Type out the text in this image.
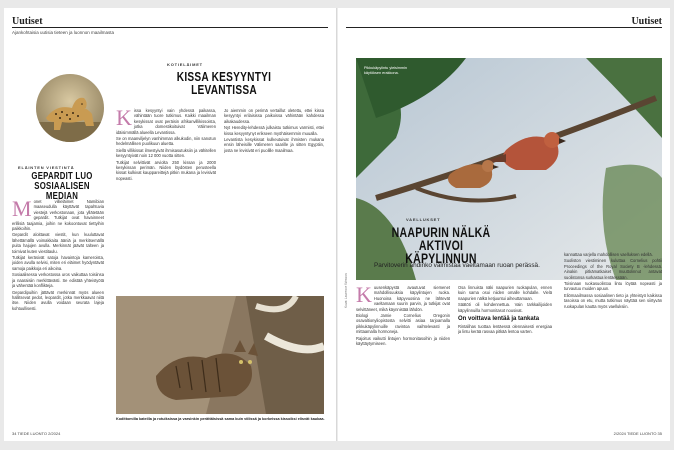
Uutiset
Ajankohtaisia uutisia tieteen ja luonnon maailmasta
ELÄINTEN VIESTINTÄ
GEPARDIT LUO SOSIAALISEN MEDIAN

Monet villieläimet Namibian maaseudulla käyttävät tapahtuvia viestejä verkostonaan, jota yllätetään gepardit. Tutkijat ovat havainneet erillisiä taajamia, joihin ne kokoontuvat tiettyihin paikkoihin.

Gepardit aloittavat viestit, kun kuuluttavat lähettämällä voimakkaita ääniä ja merkitsemällä puita hajujen avulla. Merkinnät jäävät talteen ja toimivat kuten viestitaulu.

Tutkijat keräsivät satoja havaintoja kameroista, joiden avulla selvisi, miten eri eläimet hyödyntävät samoja paikkoja eri aikoina.

Sosiaalisessa verkostossa uros vaikuttaa toisiinsa ja naaraisiin merkittävästi. Se edistää yhteistyötä ja vähentää konflikteja.

Gepardipuihin jättävät merkinnät myös alueen hallitsevat pedot, leopardit, jotka merkkaavat niitä itse. Niiden avulla voidaan seurata lajeja kohtuullisesti.

KOTIELÄIMET
KISSA KESYYNTYI LEVANTISSA

Kissa kesyyntyi vain yhdessä paikassa, vähintään tuore tutkimus. Kaikki maailman kesykissat ovat peräisin afrikanvillikissoista, jotka domestikoituivat Välimeren idäisimmällä alueella Levantissa.

Se on maanviljelyn vanhimman alkukodin, niin sanotun hedelmällisen puolikuun aluetta.

Siellä villikissat ilmestyivät ihmisasutuksiin ja vähitellen kesyyntyivät noin 12 000 vuotta sitten.

Tutkijat selvittivät arviolta 250 kissan ja 2000 kesykissan perimän. Niiden löydösten perusteella kissat kulkivat kauppareittejä pitkin mukana ja levisivät nopeasti.

Jo aiemmin on perimä vertaillut oletettu, ettei kissa kesyyntyi erilaisissa paikoissa vähintään kahdessa aikakaudessa.

Nyt Heredity-lehdessä julkaistu tutkimus varmisti, ettei kissa kesyyntynyt erikseen myöhäisemmin muualla.

Levantista kesykissat kulkeutuivat ihmisten mukana ensin läheisille Välimeren saarille ja sitten Egyptiin, josta ne levisivät eri puolille maailmaa.

Kodittomilla kateilla ja rotuiksissa ja varsinkin perättäisissä sama kuin viilissä ja korkeissa kissoiksi elisvät kaukaa.
34 TIEDE LUONTO 2/2024
Uutiset
Pikkukäpylintu yleisimmin käytöksen erakkona.
VAELLUKSET
NAAPURIN NÄLKÄ AKTIVOI KÄPYLINNUN
Parvitoverin ahdinko valmistaa vaeltamaan ruoan perässä.

Kuusenkäpystä avautuvat siemenet mahdollisuuksia käpylintujen ruoka. Huonoina käpyvuosina ne lähtevät vaeltamaan suurin parvin, ja tutkijat ovat selvittäneet, mikä käynnistää lähdön.

Biologi Jamie Cornelius Oregonin osavaltionyliopistosta selvitti asiaa tarjoamalla pikkukäpylinnuille ravintoa vaihtelevasti ja mittaamalla hormoneja.

Rajoitus vaikutti lintujen hormonitasoihin ja niiden käyttäytymiseen.

Osa linnuista näki naapurien ruokapulan, ennen kuin sama osui niiden omalle kohdalle. Vielä naapurien nälkä ketjuuntui aiheuttamaan.

Säätöti oli kohdennettua. Vain tarkkailijoiden käpylinnuilla hormonitasot nousivat.

On voittava lentää ja tankata

Rintalihas tuottaa lentäessä olennaisesti energiaa ja lintu kerää rasvaa pitkää lentoa varten.

kannattaa varjella mahdollisen vaelluksen edellä.

Suoliston viestiminen kuluttaa Cornelius pohtii Proceedings of the Royal Society B -lehdessä. Ainakin pitkämatkaiset muuttolinnut antavat suolistonsa surkastua lentäessään.

Toisinaan ruokasuolistoa lintu löytää nopeasti ja turvautuu muiden apuun.

Eliömaailmassa sosiaalinen tieto ja yhteistyö kaikissa tasoissa on etu, mutta tutkimus näyttää sen siirtyvän ruokapulan kautta myös vaelluksiin.

Kuva: Laurence Wesson
2/2024 TIEDE LUONTO 35
